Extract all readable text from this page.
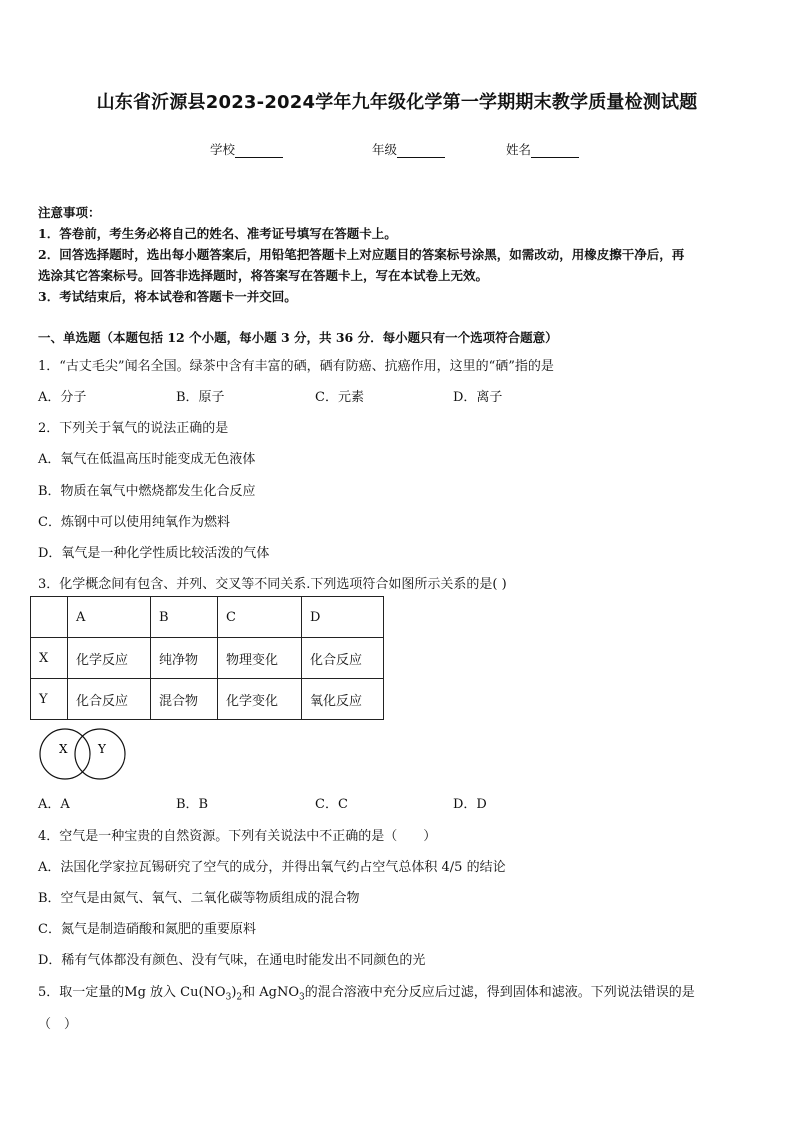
山东省沂源县2023-2024学年九年级化学第一学期期末教学质量检测试题
学校	年级	姓名
注意事项：
1．答卷前，考生务必将自己的姓名、准考证号填写在答题卡上。
2．回答选择题时，选出每小题答案后，用铅笔把答题卡上对应题目的答案标号涂黑，如需改动，用橡皮擦干净后，再
选涂其它答案标号。回答非选择题时，将答案写在答题卡上，写在本试卷上无效。
3．考试结束后，将本试卷和答题卡一并交回。
一、单选题（本题包括 12 个小题，每小题 3 分，共 36 分．每小题只有一个选项符合题意）
1．“古丈毛尖”闻名全国。绿茶中含有丰富的硒，硒有防癌、抗癌作用，这里的“硒”指的是
A．分子	B．原子	C．元素	D．离子
2．下列关于氧气的说法正确的是
A．氧气在低温高压时能变成无色液体
B．物质在氧气中燃烧都发生化合反应
C．炼钢中可以使用纯氧作为燃料
D．氧气是一种化学性质比较活泼的气体
3．化学概念间有包含、并列、交叉等不同关系.下列选项符合如图所示关系的是( )
	A	B	C	D
X	化学反应	纯净物	物理变化	化合反应
Y	化合反应	混合物	化学变化	氧化反应
X	Y
A．A	B．B	C．C	D．D
4．空气是一种宝贵的自然资源。下列有关说法中不正确的是（　　）
A．法国化学家拉瓦锡研究了空气的成分，并得出氧气约占空气总体积 4/5 的结论
B．空气是由氮气、氧气、二氧化碳等物质组成的混合物
C．氮气是制造硝酸和氮肥的重要原料
D．稀有气体都没有颜色、没有气味，在通电时能发出不同颜色的光
5．取一定量的Mg 放入 $Cu(NO_3)_2$和 AgNO$_3$的混合溶液中充分反应后过滤，得到固体和滤液。下列说法错误的是
（　）
